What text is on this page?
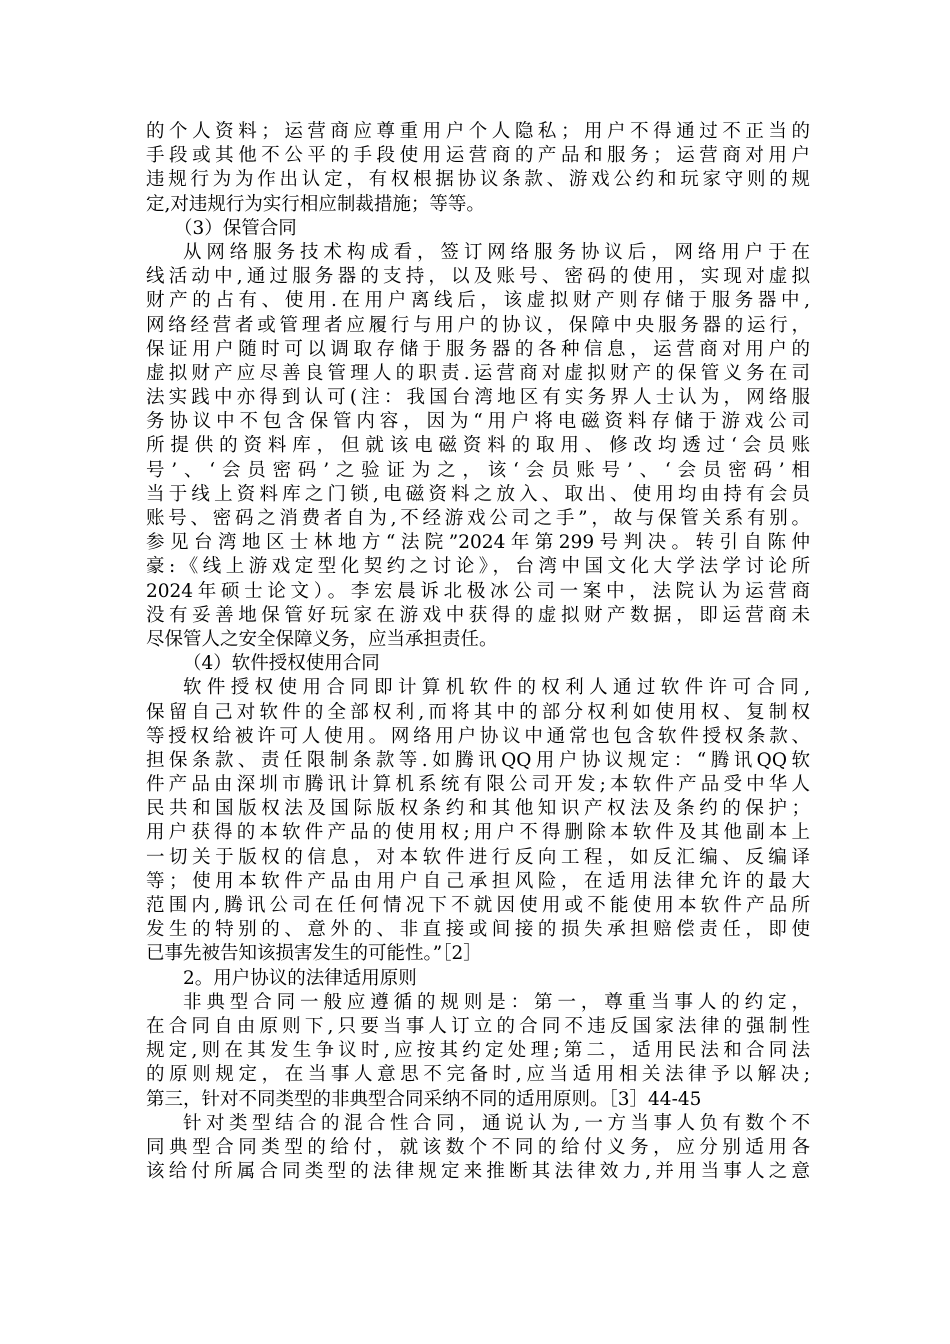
的个人资料；运营商应尊重用户个人隐私；用户不得通过不正当的
手段或其他不公平的手段使用运营商的产品和服务；运营商对用户
违规行为为作出认定，有权根据协议条款、游戏公约和玩家守则的规
定,对违规行为实行相应制裁措施；等等。
（3）保管合同
从网络服务技术构成看，签订网络服务协议后，网络用户于在
线活动中,通过服务器的支持，以及账号、密码的使用，实现对虚拟
财产的占有、使用.在用户离线后，该虚拟财产则存储于服务器中,
网络经营者或管理者应履行与用户的协议，保障中央服务器的运行，
保证用户随时可以调取存储于服务器的各种信息，运营商对用户的
虚拟财产应尽善良管理人的职责.运营商对虚拟财产的保管义务在司
法实践中亦得到认可(注：我国台湾地区有实务界人士认为，网络服
务协议中不包含保管内容，因为“用户将电磁资料存储于游戏公司
所提供的资料库，但就该电磁资料的取用、修改均透过‘会员账
号’、‘会员密码’之验证为之，该‘会员账号’、‘会员密码’相
当于线上资料库之门锁,电磁资料之放入、取出、使用均由持有会员
账号、密码之消费者自为,不经游戏公司之手”，故与保管关系有别。
参见台湾地区士林地方“法院”2024年第299号判决。转引自陈仲
豪:《线上游戏定型化契约之讨论》，台湾中国文化大学法学讨论所
2024年硕士论文）。李宏晨诉北极冰公司一案中，法院认为运营商
没有妥善地保管好玩家在游戏中获得的虚拟财产数据，即运营商未
尽保管人之安全保障义务，应当承担责任。
（4）软件授权使用合同
软件授权使用合同即计算机软件的权利人通过软件许可合同,
保留自己对软件的全部权利,而将其中的部分权利如使用权、复制权
等授权给被许可人使用。网络用户协议中通常也包含软件授权条款、
担保条款、责任限制条款等.如腾讯QQ用户协议规定：“腾讯QQ软
件产品由深圳市腾讯计算机系统有限公司开发;本软件产品受中华人
民共和国版权法及国际版权条约和其他知识产权法及条约的保护；
用户获得的本软件产品的使用权;用户不得删除本软件及其他副本上
一切关于版权的信息，对本软件进行反向工程，如反汇编、反编译
等；使用本软件产品由用户自己承担风险，在适用法律允许的最大
范围内,腾讯公司在任何情况下不就因使用或不能使用本软件产品所
发生的特别的、意外的、非直接或间接的损失承担赔偿责任，即使
已事先被告知该损害发生的可能性。”［2］
2。用户协议的法律适用原则
非典型合同一般应遵循的规则是：第一，尊重当事人的约定，
在合同自由原则下,只要当事人订立的合同不违反国家法律的强制性
规定,则在其发生争议时,应按其约定处理;第二，适用民法和合同法
的原则规定，在当事人意思不完备时,应当适用相关法律予以解决;
第三，针对不同类型的非典型合同采纳不同的适用原则。［3］44-45
针对类型结合的混合性合同，通说认为,一方当事人负有数个不
同典型合同类型的给付，就该数个不同的给付义务，应分别适用各
该给付所属合同类型的法律规定来推断其法律效力,并用当事人之意
